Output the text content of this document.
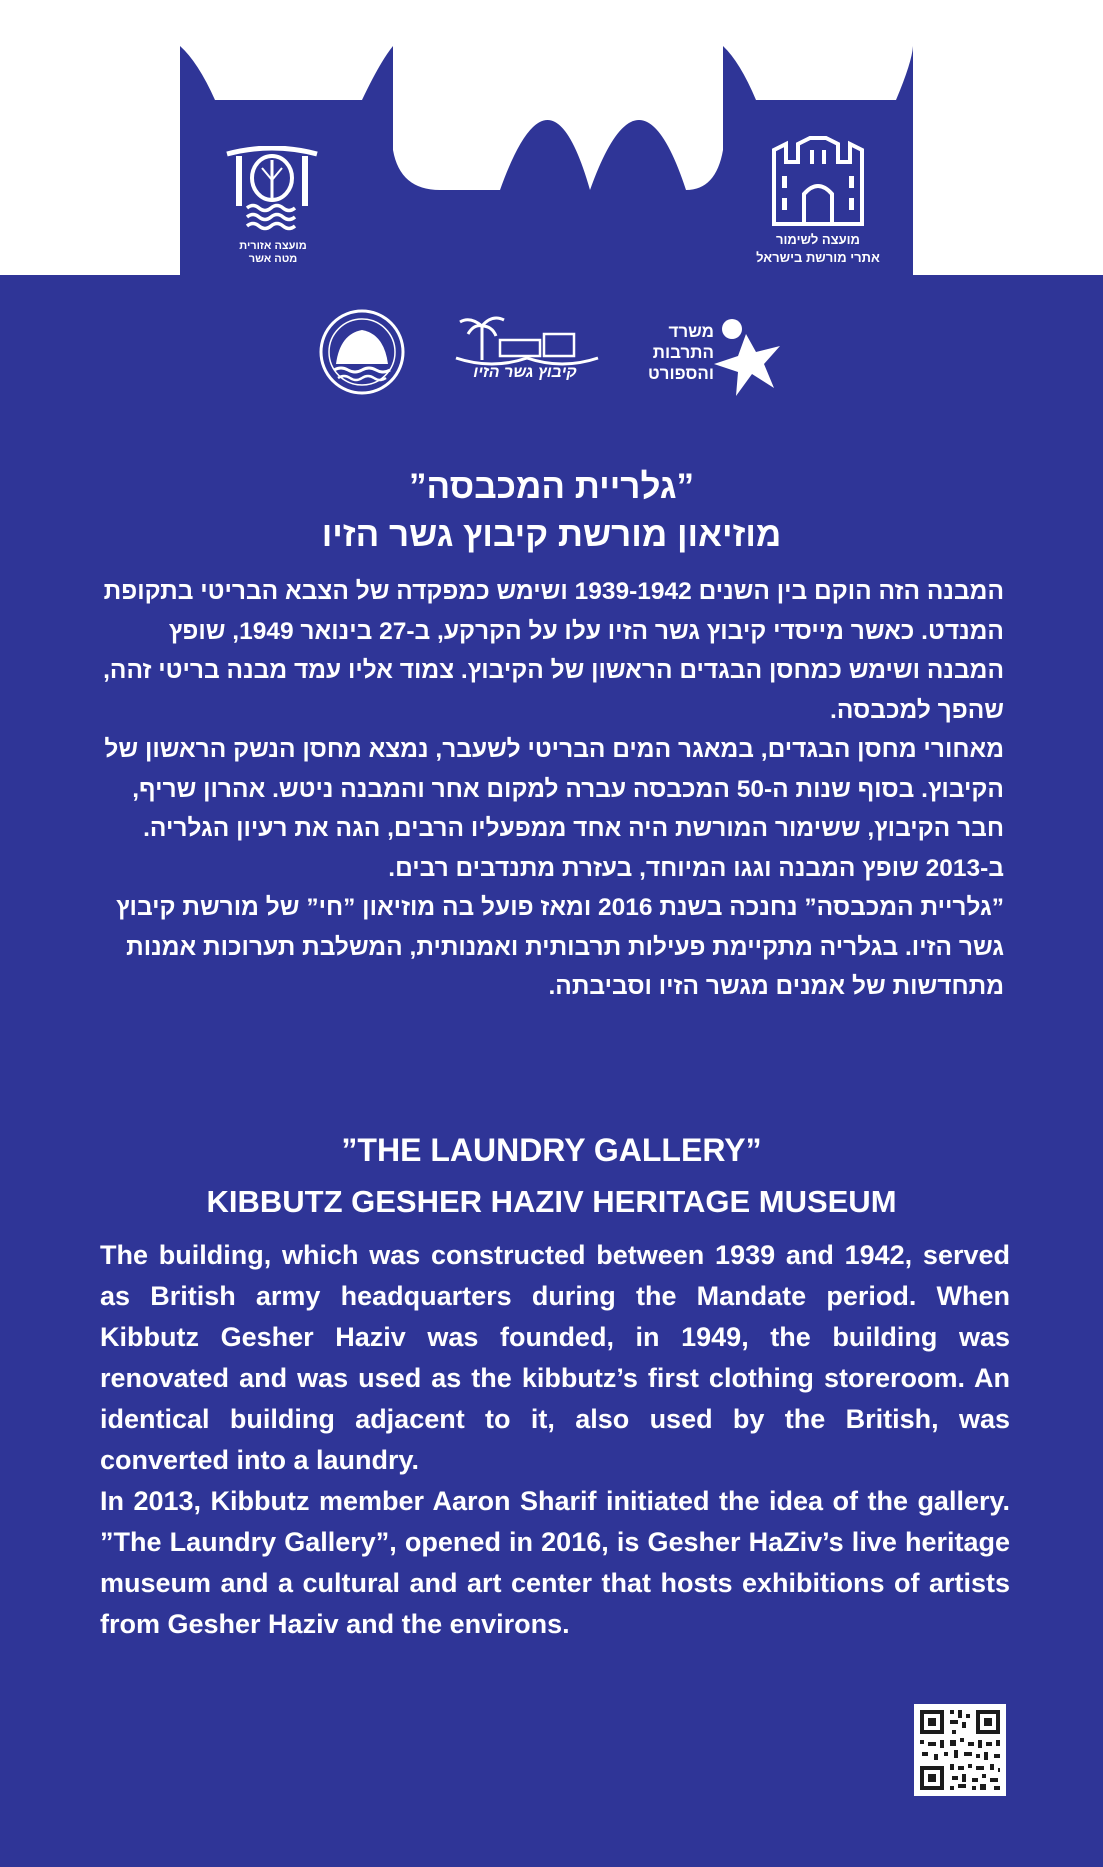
מועצה אזורית מטה אשר
מועצה לשימור
אתרי מורשת בישראל
קיבוץ גשר הזיו
משרד
התרבות
והספורט
”גלריית המכבסה”
מוזיאון מורשת קיבוץ גשר הזיו

המבנה הזה הוקם בין השנים 1939-1942 ושימש כמפקדה של הצבא הבריטי בתקופת המנדט. כאשר מייסדי קיבוץ גשר הזיו עלו על הקרקע, ב-27 בינואר 1949, שופץ המבנה ושימש כמחסן הבגדים הראשון של הקיבוץ. צמוד אליו עמד מבנה בריטי זהה, שהפך למכבסה.

מאחורי מחסן הבגדים, במאגר המים הבריטי לשעבר, נמצא מחסן הנשק הראשון של הקיבוץ. בסוף שנות ה-50 המכבסה עברה למקום אחר והמבנה ניטש. אהרון שריף, חבר הקיבוץ, ששימור המורשת היה אחד ממפעליו הרבים, הגה את רעיון הגלריה. ב-2013 שופץ המבנה וגגו המיוחד, בעזרת מתנדבים רבים.

”גלריית המכבסה” נחנכה בשנת 2016 ומאז פועל בה מוזיאון ”חי” של מורשת קיבוץ גשר הזיו. בגלריה מתקיימת פעילות תרבותית ואמנותית, המשלבת תערוכות אמנות מתחדשות של אמנים מגשר הזיו וסביבתה.

”THE LAUNDRY GALLERY”
KIBBUTZ GESHER HAZIV HERITAGE MUSEUM

The building, which was constructed between 1939 and 1942, served as British army headquarters during the Mandate period. When Kibbutz Gesher Haziv was founded, in 1949, the building was renovated and was used as the kibbutz’s first clothing storeroom. An identical building adjacent to it, also used by the British, was converted into a laundry.

In 2013, Kibbutz member Aaron Sharif initiated the idea of the gallery. ”The Laundry Gallery”, opened in 2016, is Gesher HaZiv’s live heritage museum and a cultural and art center that hosts exhibitions of artists from Gesher Haziv and the environs.
